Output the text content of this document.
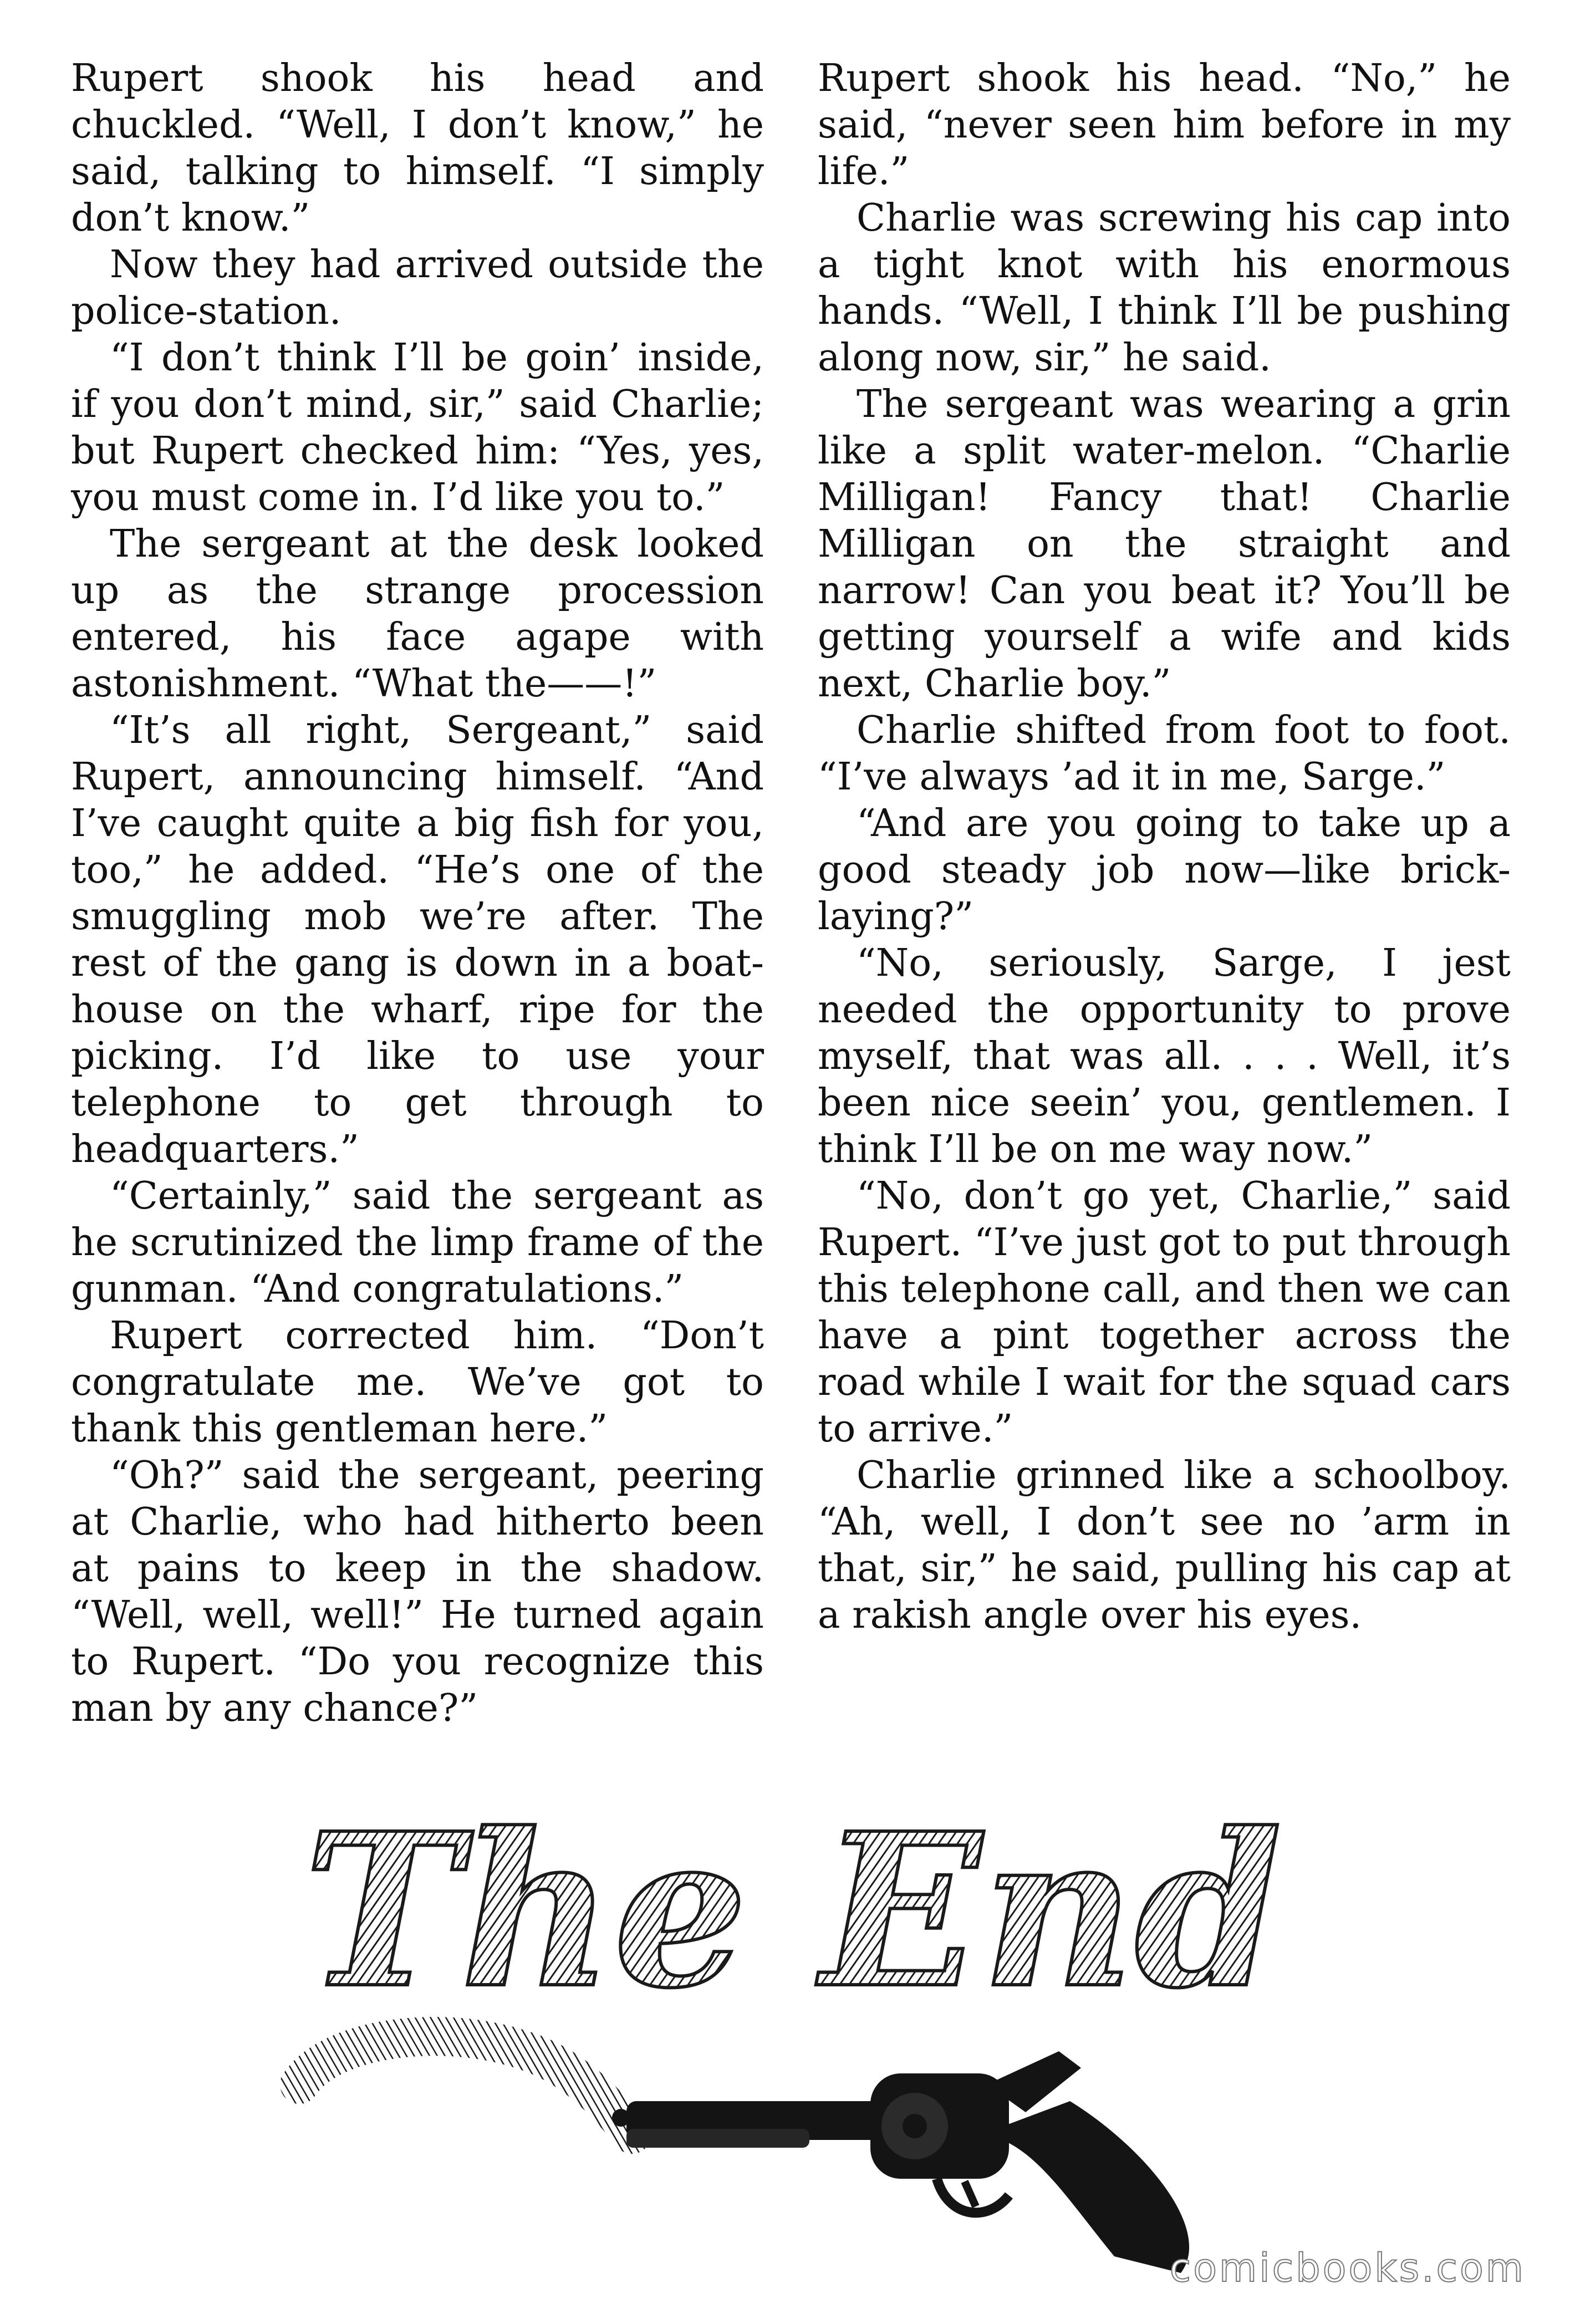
Rupert shook his head and chuckled. “Well, I don’t know,” he said, talking to himself. “I simply don’t know.”

Now they had arrived outside the police-station.

“I don’t think I’ll be goin’ inside, if you don’t mind, sir,” said Charlie; but Rupert checked him: “Yes, yes, you must come in. I’d like you to.”

The sergeant at the desk looked up as the strange procession entered, his face agape with astonishment. “What the——!”

“It’s all right, Sergeant,” said Rupert, announcing himself. “And I’ve caught quite a big fish for you, too,” he added. “He’s one of the smuggling mob we’re after. The rest of the gang is down in a boat-house on the wharf, ripe for the picking. I’d like to use your telephone to get through to headquarters.”

“Certainly,” said the sergeant as he scrutinized the limp frame of the gunman. “And congratulations.”

Rupert corrected him. “Don’t congratulate me. We’ve got to thank this gentleman here.”

“Oh?” said the sergeant, peering at Charlie, who had hitherto been at pains to keep in the shadow. “Well, well, well!” He turned again to Rupert. “Do you recognize this man by any chance?”

Rupert shook his head. “No,” he said, “never seen him before in my life.”

Charlie was screwing his cap into a tight knot with his enormous hands. “Well, I think I’ll be pushing along now, sir,” he said.

The sergeant was wearing a grin like a split water-melon. “Charlie Milligan! Fancy that! Charlie Milligan on the straight and narrow! Can you beat it? You’ll be getting yourself a wife and kids next, Charlie boy.”

Charlie shifted from foot to foot. “I’ve always ’ad it in me, Sarge.”

“And are you going to take up a good steady job now—like brick-laying?”

“No, seriously, Sarge, I jest needed the opportunity to prove myself, that was all. . . . Well, it’s been nice seein’ you, gentlemen. I think I’ll be on me way now.”

“No, don’t go yet, Charlie,” said Rupert. “I’ve just got to put through this telephone call, and then we can have a pint together across the road while I wait for the squad cars to arrive.”

Charlie grinned like a schoolboy. “Ah, well, I don’t see no ’arm in that, sir,” he said, pulling his cap at a rakish angle over his eyes.

The End
comicbooks.com
